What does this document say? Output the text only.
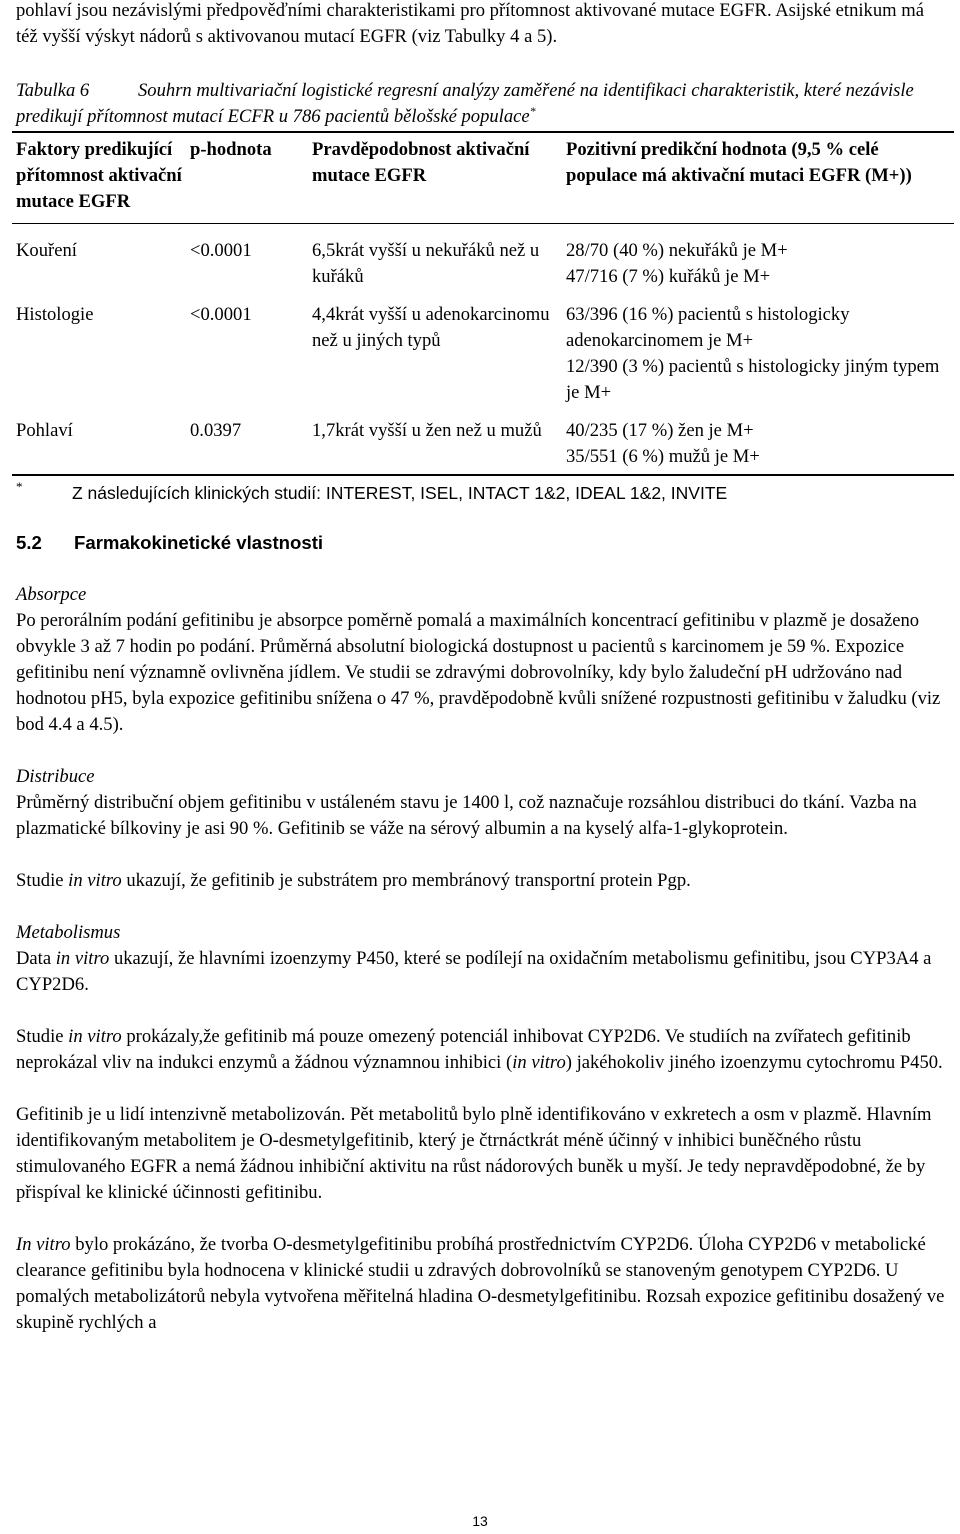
pohlaví jsou nezávislými předpověďními charakteristikami pro přítomnost aktivované mutace EGFR. Asijské etnikum má též vyšší výskyt nádorů s aktivovanou mutací EGFR (viz Tabulky 4 a 5).

Tabulka 6	Souhrn multivariační logistické regresní analýzy zaměřené na identifikaci charakteristik, které nezávisle predikují přítomnost mutací ECFR u 786 pacientů bělošské populace*

Faktory predikující přítomnost aktivační mutace EGFR	p-hodnota	Pravděpodobnost aktivační mutace EGFR	Pozitivní predikční hodnota (9,5 % celé populace má aktivační mutaci EGFR (M+))
Kouření	<0.0001	6,5krát vyšší u nekuřáků než u kuřáků	28/70 (40 %) nekuřáků je M+
47/716 (7 %) kuřáků je M+

Histologie	<0.0001	4,4krát vyšší u adenokarcinomu než u jiných typů	63/396 (16 %) pacientů s histologicky adenokarcinomem je M+
12/390 (3 %) pacientů s histologicky jiným typem je M+

Pohlaví	0.0397	1,7krát vyšší u žen než u mužů	40/235 (17 %) žen je M+
35/551 (6 %) mužů je M+

*	Z následujících klinických studií: INTEREST, ISEL, INTACT 1&2, IDEAL 1&2, INVITE

5.2 Farmakokinetické vlastnosti

Absorpce

Po perorálním podání gefitinibu je absorpce poměrně pomalá a maximálních koncentrací gefitinibu v plazmě je dosaženo obvykle 3 až 7 hodin po podání. Průměrná absolutní biologická dostupnost u pacientů s karcinomem je 59 %. Expozice gefitinibu není významně ovlivněna jídlem. Ve studii se zdravými dobrovolníky, kdy bylo žaludeční pH udržováno nad hodnotou pH5, byla expozice gefitinibu snížena o 47 %, pravděpodobně kvůli snížené rozpustnosti gefitinibu v žaludku (viz bod 4.4 a 4.5).

Distribuce

Průměrný distribuční objem gefitinibu v ustáleném stavu je 1400 l, což naznačuje rozsáhlou distribuci do tkání. Vazba na plazmatické bílkoviny je asi 90 %. Gefitinib se váže na sérový albumin a na kyselý alfa-1-glykoprotein.

Studie in vitro ukazují, že gefitinib je substrátem pro membránový transportní protein Pgp.

Metabolismus

Data in vitro ukazují, že hlavními izoenzymy P450, které se podílejí na oxidačním metabolismu gefinitibu, jsou CYP3A4 a CYP2D6.

Studie in vitro prokázaly,že gefitinib má pouze omezený potenciál inhibovat CYP2D6. Ve studiích na zvířatech gefitinib neprokázal vliv na indukci enzymů a žádnou významnou inhibici (in vitro) jakéhokoliv jiného izoenzymu cytochromu P450.

Gefitinib je u lidí intenzivně metabolizován. Pět metabolitů bylo plně identifikováno v exkretech a osm v plazmě. Hlavním identifikovaným metabolitem je O-desmetylgefitinib, který je čtrnáctkrát méně účinný v inhibici buněčného růstu stimulovaného EGFR a nemá žádnou inhibiční aktivitu na růst nádorových buněk u myší. Je tedy nepravděpodobné, že by přispíval ke klinické účinnosti gefitinibu.

In vitro bylo prokázáno, že tvorba O-desmetylgefitinibu probíhá prostřednictvím CYP2D6. Úloha CYP2D6 v metabolické clearance gefitinibu byla hodnocena v klinické studii u zdravých dobrovolníků se stanoveným genotypem CYP2D6. U pomalých metabolizátorů nebyla vytvořena měřitelná hladina O-desmetylgefitinibu. Rozsah expozice gefitinibu dosažený ve skupině rychlých a

13
